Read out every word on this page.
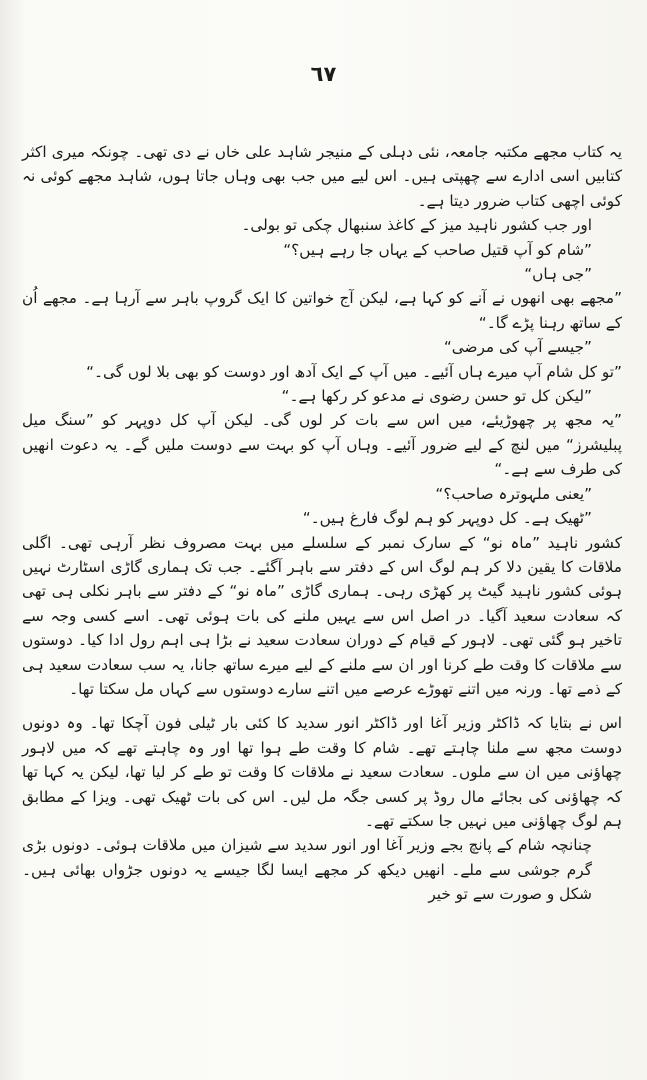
٦٧

یہ کتاب مجھے مکتبہ جامعہ، نئی دہلی کے منیجر شاہد علی خاں نے دی تھی۔ چونکہ میری اکثر کتابیں اسی ادارے سے چھپتی ہیں۔ اس لیے میں جب بھی وہاں جاتا ہوں، شاہد مجھے کوئی نہ کوئی اچھی کتاب ضرور دیتا ہے۔

اور جب کشور ناہید میز کے کاغذ سنبھال چکی تو بولی۔

”شام کو آپ قتیل صاحب کے یہاں جا رہے ہیں؟“

”جی ہاں“

”مجھے بھی انھوں نے آنے کو کہا ہے، لیکن آج خواتین کا ایک گروپ باہر سے آرہا ہے۔ مجھے اُن کے ساتھ رہنا پڑے گا۔“

”جیسے آپ کی مرضی“

”تو کل شام آپ میرے ہاں آئیے۔ میں آپ کے ایک آدھ اور دوست کو بھی بلا لوں گی۔“

”لیکن کل تو حسن رضوی نے مدعو کر رکھا ہے۔“

”یہ مجھ پر چھوڑیئے، میں اس سے بات کر لوں گی۔ لیکن آپ کل دوپہر کو ”سنگ میل پبلیشرز“ میں لنچ کے لیے ضرور آئیے۔ وہاں آپ کو بہت سے دوست ملیں گے۔ یہ دعوت انھیں کی طرف سے ہے۔“

”یعنی ملہوترہ صاحب؟“

”ٹھیک ہے۔ کل دوپہر کو ہم لوگ فارغ ہیں۔“

کشور ناہید ”ماہ نو“ کے سارک نمبر کے سلسلے میں بہت مصروف نظر آرہی تھی۔ اگلی ملاقات کا یقین دلا کر ہم لوگ اس کے دفتر سے باہر آگئے۔ جب تک ہماری گاڑی اسٹارٹ نہیں ہوئی کشور ناہید گیٹ پر کھڑی رہی۔ ہماری گاڑی ”ماہ نو“ کے دفتر سے باہر نکلی ہی تھی کہ سعادت سعید آگیا۔ در اصل اس سے یہیں ملنے کی بات ہوئی تھی۔ اسے کسی وجہ سے تاخیر ہو گئی تھی۔ لاہور کے قیام کے دوران سعادت سعید نے بڑا ہی اہم رول ادا کیا۔ دوستوں سے ملاقات کا وقت طے کرنا اور ان سے ملنے کے لیے میرے ساتھ جانا، یہ سب سعادت سعید ہی کے ذمے تھا۔ ورنہ میں اتنے تھوڑے عرصے میں اتنے سارے دوستوں سے کہاں مل سکتا تھا۔

اس نے بتایا کہ ڈاکٹر وزیر آغا اور ڈاکٹر انور سدید کا کئی بار ٹیلی فون آچکا تھا۔ وہ دونوں دوست مجھ سے ملنا چاہتے تھے۔ شام کا وقت طے ہوا تھا اور وہ چاہتے تھے کہ میں لاہور چھاؤنی میں ان سے ملوں۔ سعادت سعید نے ملاقات کا وقت تو طے کر لیا تھا، لیکن یہ کہا تھا کہ چھاؤنی کی بجائے مال روڈ پر کسی جگہ مل لیں۔ اس کی بات ٹھیک تھی۔ ویزا کے مطابق ہم لوگ چھاؤنی میں نہیں جا سکتے تھے۔

چنانچہ شام کے پانچ بجے وزیر آغا اور انور سدید سے شیزان میں ملاقات ہوئی۔ دونوں بڑی گرم جوشی سے ملے۔ انھیں دیکھ کر مجھے ایسا لگا جیسے یہ دونوں جڑواں بھائی ہیں۔ شکل و صورت سے تو خیر
